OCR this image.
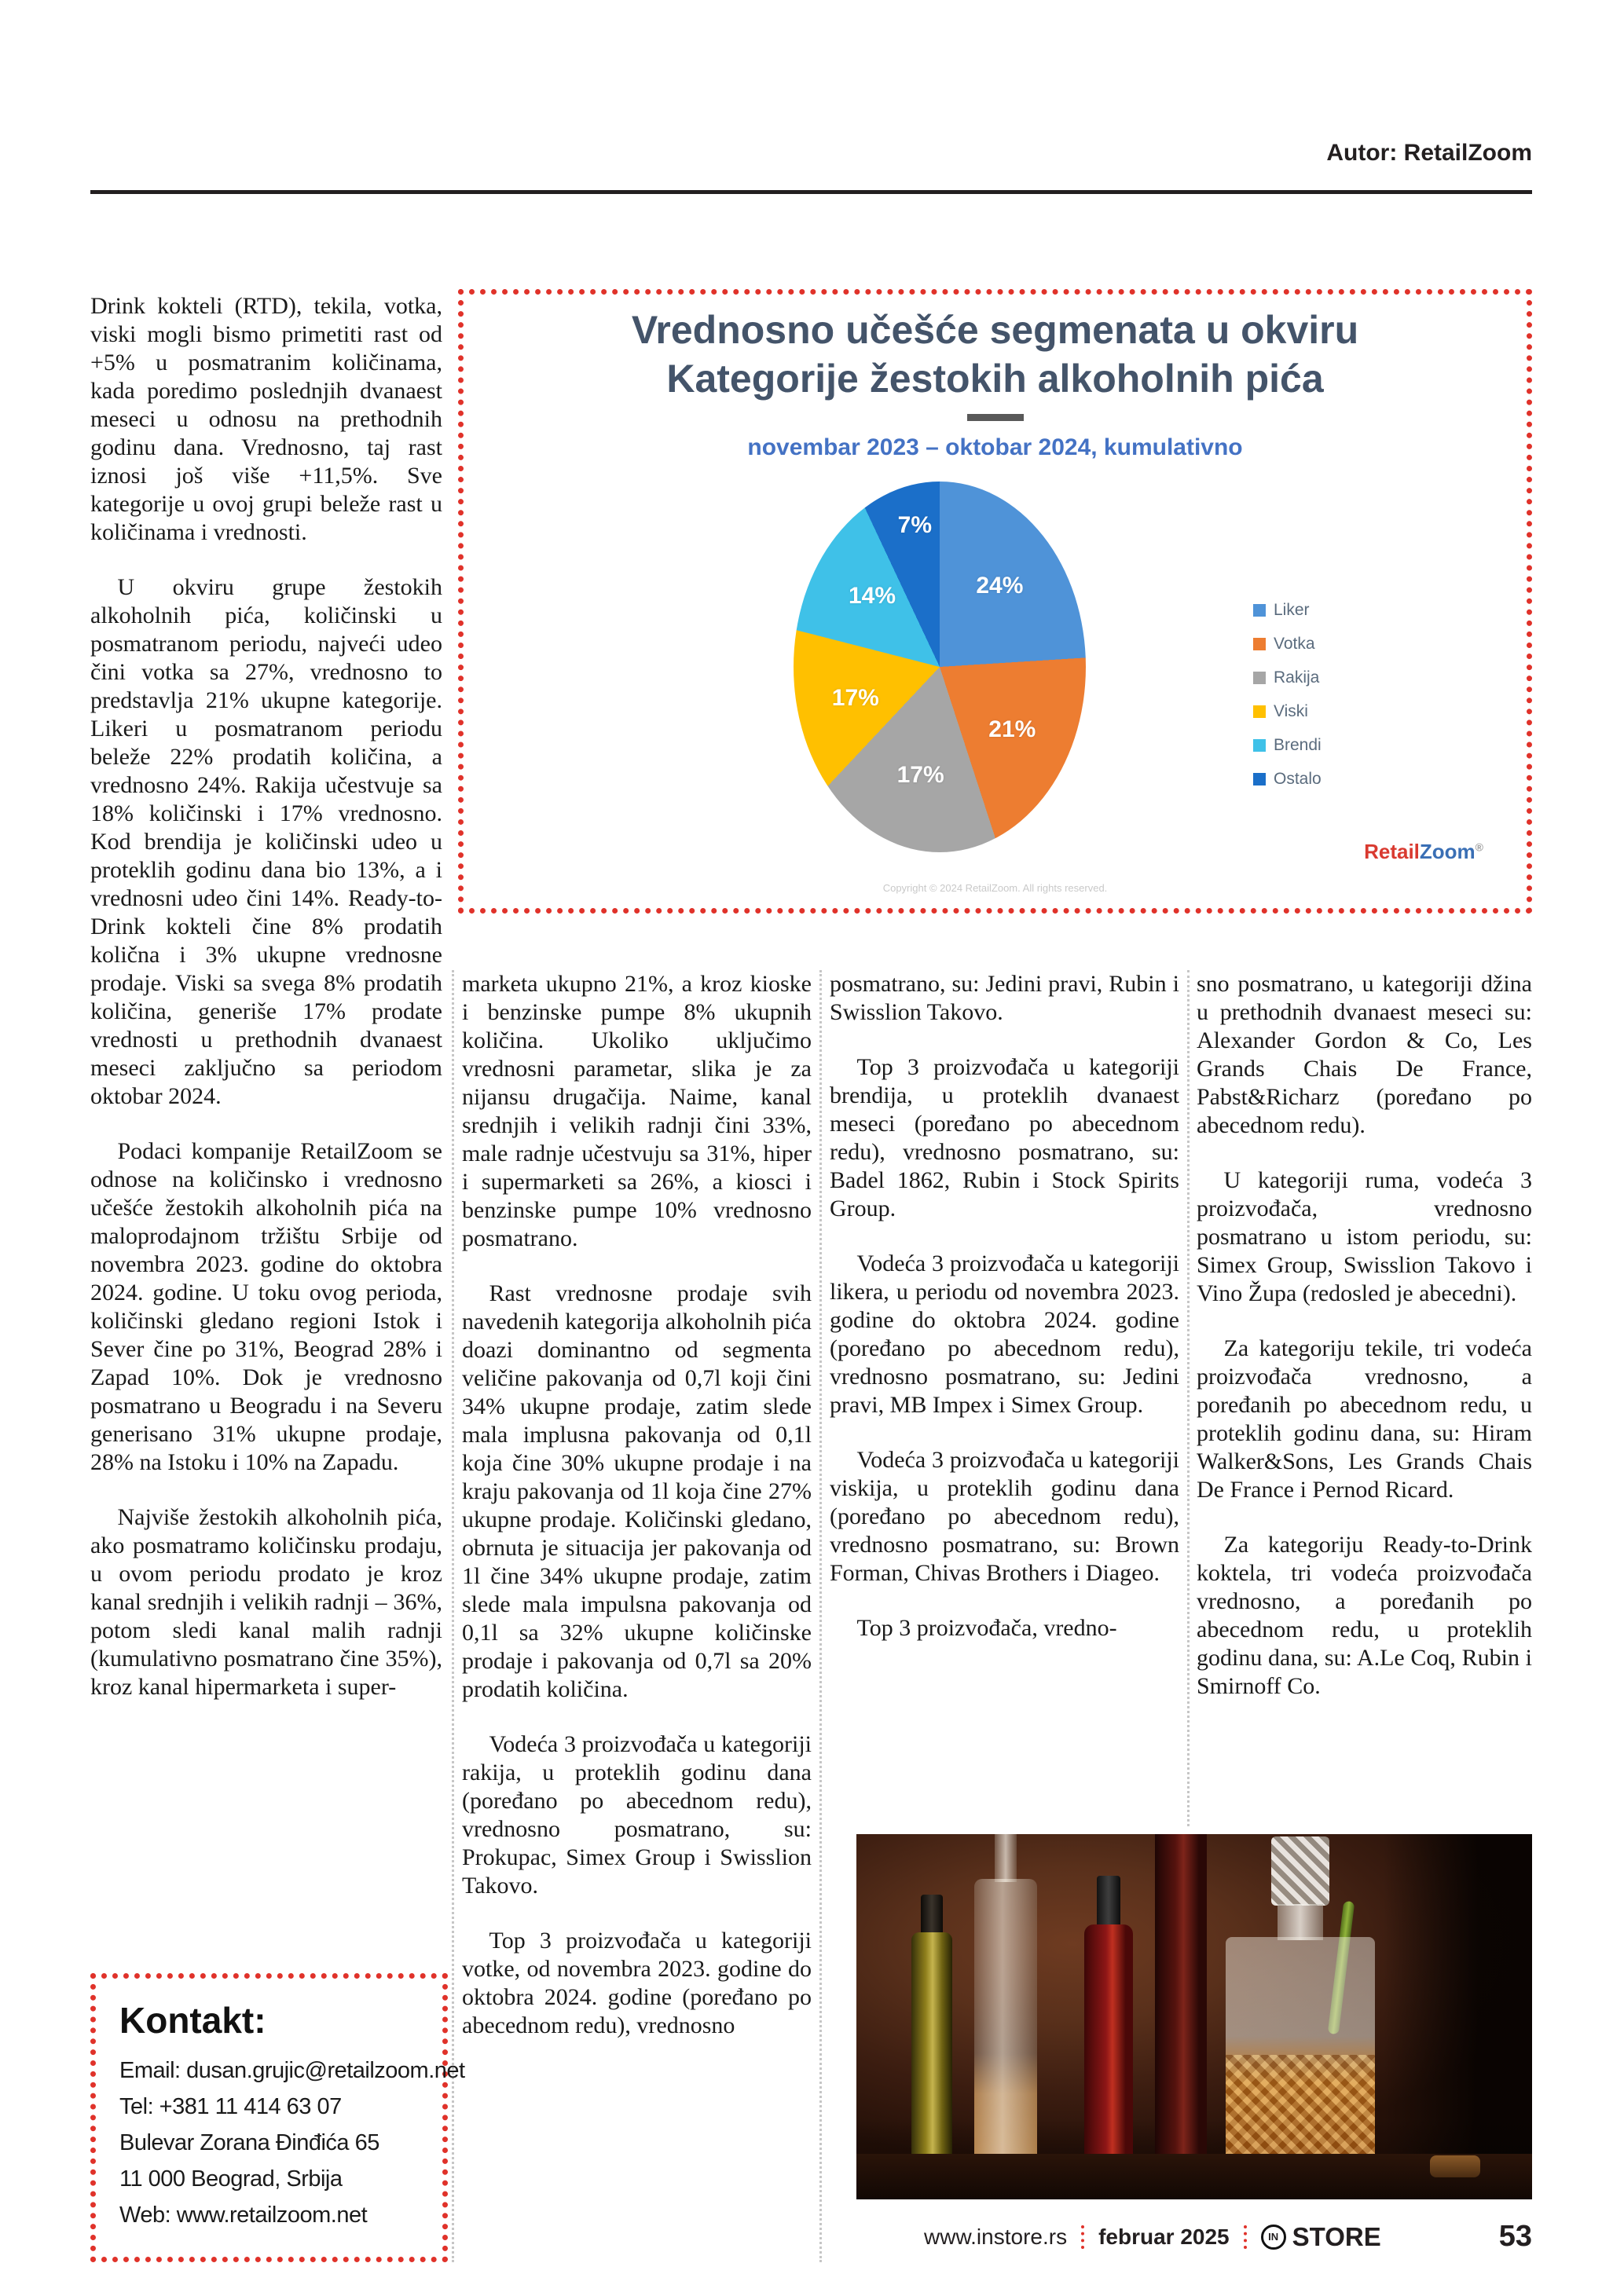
Autor: RetailZoom
Vrednosno učešće segmenata u okviru
Kategorije žestokih alkoholnih pića
novembar 2023 – oktobar 2024, kumulativno
24%
21%
17%
17%
14%
7%
Liker
Votka
Rakija
Viski
Brendi
Ostalo
RetailZoom®
Copyright © 2024 RetailZoom. All rights reserved.

Drink kokteli (RTD), tekila, votka, viski mogli bismo primetiti rast od +5% u posmatranim količinama, kada poredimo poslednjih dvanaest meseci u odnosu na prethodnih godinu dana. Vrednosno, taj rast iznosi još više +11,5%. Sve kategorije u ovoj grupi beleže rast u količinama i vrednosti.

U okviru grupe žestokih alkoholnih pića, količinski u posmatranom periodu, najveći udeo čini votka sa 27%, vrednosno to predstavlja 21% ukupne kategorije. Likeri u posmatranom periodu beleže 22% prodatih količina, a vrednosno 24%. Rakija učestvuje sa 18% količinski i 17% vrednosno. Kod brendija je količinski udeo u proteklih godinu dana bio 13%, a i vrednosni udeo čini 14%. Ready-to-Drink kokteli čine 8% prodatih količna i 3% ukupne vrednosne prodaje. Viski sa svega 8% prodatih količina, generiše 17% prodate vrednosti u prethodnih dvanaest meseci zaključno sa periodom oktobar 2024.

Podaci kompanije RetailZoom se odnose na količinsko i vrednosno učešće žestokih alkoholnih pića na maloprodajnom tržištu Srbije od novembra 2023. godine do oktobra 2024. godine. U toku ovog perioda, količinski gledano regioni Istok i Sever čine po 31%, Beograd 28% i Zapad 10%. Dok je vrednosno posmatrano u Beogradu i na Severu generisano 31% ukupne prodaje, 28% na Istoku i 10% na Zapadu.

Najviše žestokih alkoholnih pića, ako posmatramo količinsku prodaju, u ovom periodu prodato je kroz kanal srednjih i velikih radnji – 36%, potom sledi kanal malih radnji (kumulativno posmatrano čine 35%), kroz kanal hipermarketa i super-

marketa ukupno 21%, a kroz kioske i benzinske pumpe 8% ukupnih količina. Ukoliko uključimo vrednosni parametar, slika je za nijansu drugačija. Naime, kanal srednjih i velikih radnji čini 33%, male radnje učestvuju sa 31%, hiper i supermarketi sa 26%, a kiosci i benzinske pumpe 10% vrednosno posmatrano.

Rast vrednosne prodaje svih navedenih kategorija alkoholnih pića doazi dominantno od segmenta veličine pakovanja od 0,7l koji čini 34% ukupne prodaje, zatim slede mala implusna pakovanja od 0,1l koja čine 30% ukupne prodaje i na kraju pakovanja od 1l koja čine 27% ukupne prodaje. Količinski gledano, obrnuta je situacija jer pakovanja od 1l čine 34% ukupne prodaje, zatim slede mala impulsna pakovanja od 0,1l sa 32% ukupne količinske prodaje i pakovanja od 0,7l sa 20% prodatih količina.

Vodeća 3 proizvođača u kategoriji rakija, u proteklih godinu dana (poređano po abecednom redu), vrednosno posmatrano, su: Prokupac, Simex Group i Swisslion Takovo.

Top 3 proizvođača u kategoriji votke, od novembra 2023. godine do oktobra 2024. godine (poređano po abecednom redu), vrednosno

posmatrano, su: Jedini pravi, Rubin i Swisslion Takovo.

Top 3 proizvođača u kategoriji brendija, u proteklih dvanaest meseci (poređano po abecednom redu), vrednosno posmatrano, su: Badel 1862, Rubin i Stock Spirits Group.

Vodeća 3 proizvođača u kategoriji likera, u periodu od novembra 2023. godine do oktobra 2024. godine (poređano po abecednom redu), vrednosno posmatrano, su: Jedini pravi, MB Impex i Simex Group.

Vodeća 3 proizvođača u kategoriji viskija, u proteklih godinu dana (poređano po abecednom redu), vrednosno posmatrano, su: Brown Forman, Chivas Brothers i Diageo.

Top 3 proizvođača, vredno-

sno posmatrano, u kategoriji džina u prethodnih dvanaest meseci su: Alexander Gordon & Co, Les Grands Chais De France, Pabst&Richarz (poređano po abecednom redu).

U kategoriji ruma, vodeća 3 proizvođača, vrednosno posmatrano u istom periodu, su: Simex Group, Swisslion Takovo i Vino Župa (redosled je abecedni).

Za kategoriju tekile, tri vodeća proizvođača vrednosno, a poređanih po abecednom redu, u proteklih godinu dana, su: Hiram Walker&Sons, Les Grands Chais De France i Pernod Ricard.

Za kategoriju Ready-to-Drink koktela, tri vodeća proizvođača vrednosno, a poređanih po abecednom redu, u proteklih godinu dana, su: A.Le Coq, Rubin i Smirnoff Co.

Kontakt:
Email: dusan.grujic@retailzoom.net
Tel: +381 11 414 63 07
Bulevar Zorana Đinđića 65
11 000 Beograd, Srbija
Web: www.retailzoom.net
www.instore.rs februar 2025	IN STORE	53
